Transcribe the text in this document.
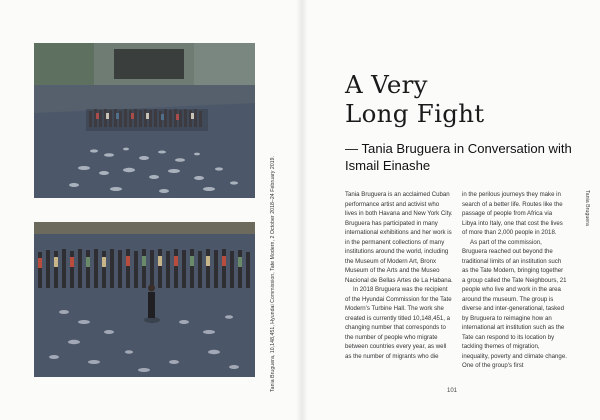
Tania Bruguera, 10,148,451, Hyundai Commission, Tate Modern, 2 October 2018–24 February 2019.
A Very
Long Fight

— Tania Bruguera in Conversation with Ismail Einashe

Tania Bruguera is an acclaimed Cuban performance artist and activist who lives in both Havana and New York City. Bruguera has participated in many international exhibitions and her work is in the permanent collections of many institutions around the world, including the Museum of Modern Art, Bronx Museum of the Arts and the Museo Nacional de Bellas Artes de La Habana.

In 2018 Bruguera was the recipient of the Hyundai Commission for the Tate Modern's Turbine Hall. The work she created is currently titled 10,148,451, a changing number that corresponds to the number of people who migrate between countries every year, as well as the number of migrants who die

in the perilous journeys they make in search of a better life. Routes like the passage of people from Africa via Libya into Italy, one that cost the lives of more than 2,000 people in 2018.

As part of the commission, Bruguera reached out beyond the traditional limits of an institution such as the Tate Modern, bringing together a group called the Tate Neighbours, 21 people who live and work in the area around the museum. The group is diverse and inter-generational, tasked by Bruguera to reimagine how an international art institution such as the Tate can respond to its location by tackling themes of migration, inequality, poverty and climate change. One of the group's first

Tania Bruguera
101
